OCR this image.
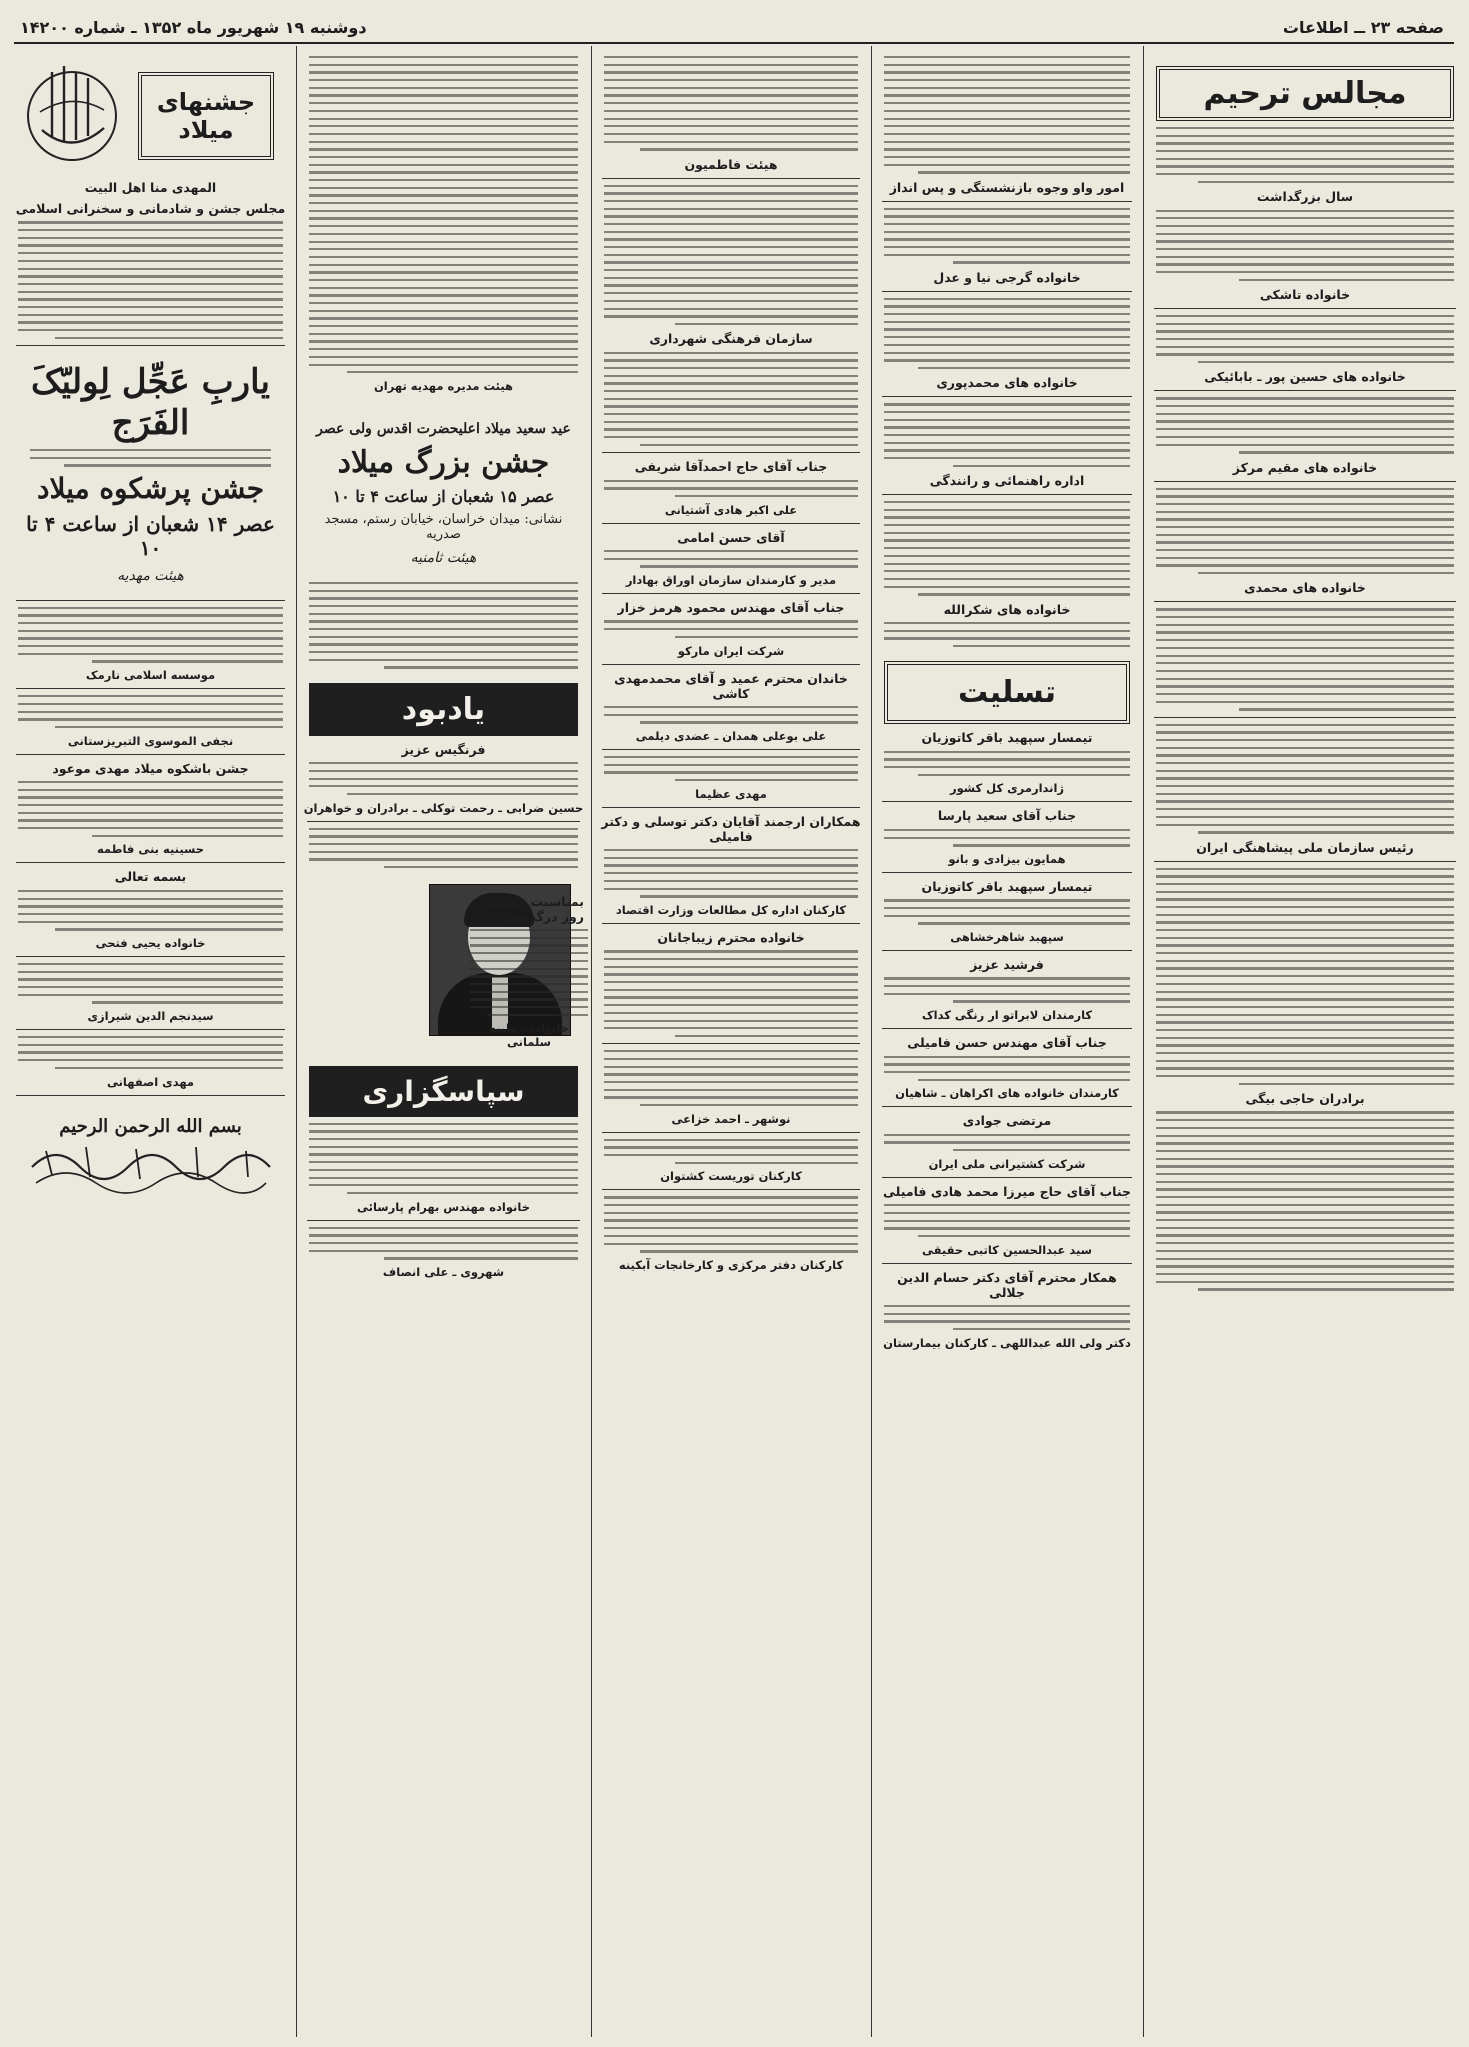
دوشنبه ۱۹ شهریور ماه ۱۳۵۲ ـ شماره ۱۴۲۰۰	صفحه ۲۳ ــ اطلاعات
مجالس ترحیم
سال بزرگداشت
خانواده تاشکی
خانواده های حسین پور ـ بابائیکی
خانواده های مقیم مرکز
خانواده های محمدی
رئیس سازمان ملی پیشاهنگی ایران
برادران حاجی بیگی
امور واو وجوه بازنشستگی و پس انداز
خانواده گرجی نیا و عدل
خانواده های محمدپوری
اداره راهنمائی و رانندگی
خانواده های شکرالله
تسلیت
تیمسار سپهبد باقر کاتوزیان
ژاندارمری کل کشور
جناب آقای سعید پارسا
همایون بیزادی و بانو
تیمسار سپهبد باقر کاتوزیان
سپهبد شاهرخشاهی
فرشید عزیز
کارمندان لابراتو ار رنگی کداک
جناب آقای مهندس حسن فامیلی
کارمندان خانواده های اکراهان ـ شاهیان
مرتضی جوادی
شرکت کشتیرانی ملی ایران
جناب آقای حاج میرزا محمد هادی فامیلی
سید عبدالحسین کاتبی حقیقی
همکار محترم آقای دکتر حسام الدین جلالی
دکتر ولی الله عبداللهی ـ کارکنان بیمارستان
هیئت فاطمیون
سازمان فرهنگی شهرداری
جناب آقای حاج احمدآقا شریفی
علی اکبر هادی آشتیانی
آقای حسن امامی
مدیر و کارمندان سازمان اوراق بهادار
جناب آقای مهندس محمود هرمز خزار
شرکت ایران مارکو
خاندان محترم عمید و آقای محمدمهدی کاشی
علی بوعلی همدان ـ عضدی دیلمی
مهدی عظیما
همکاران ارجمند آقایان دکتر توسلی و دکتر فامیلی
کارکنان اداره کل مطالعات وزارت اقتصاد
خانواده محترم زیباجانان
نوشهر ـ احمد خزاعی
کارکنان توریست کشتوان
کارکنان دفتر مرکزی و کارخانجات آبکینه
هیئت مدیره مهدیه تهران
عید سعید میلاد اعلیحضرت اقدس ولی عصر
جشن بزرگ میلاد
عصر ۱۵ شعبان از ساعت ۴ تا ۱۰
نشانی: میدان خراسان، خیابان رستم، مسجد صدریه
هیئت ثامنیه
یادبود
فرنگیس عزیز
حسین ضرابی ـ رحمت توکلی ـ برادران و خواهران
بمناسبت چهلمین روز درگذشت
خانواده ـ طیبه سلمانی
سپاسگزاری
خانواده مهندس بهرام پارسائی
شهروی ـ علی انصاف
جشنهای میلاد
المهدی منا اهل البیت
مجلس جشن و شادمانی و سخنرانی اسلامی
یاربِ عَجِّل لِولیّکَ الفَرَج
جشن پرشکوه میلاد
عصر ۱۴ شعبان از ساعت ۴ تا ۱۰
هیئت مهدیه
موسسه اسلامی نارمک
نجفی الموسوی التبریزستانی
جشن باشکوه میلاد مهدی موعود
حسینیه بنی فاطمه
بسمه تعالی
خانواده یحیی فتحی
سیدنجم الدین شیرازی
مهدی اصفهانی
بسم الله الرحمن الرحیم
